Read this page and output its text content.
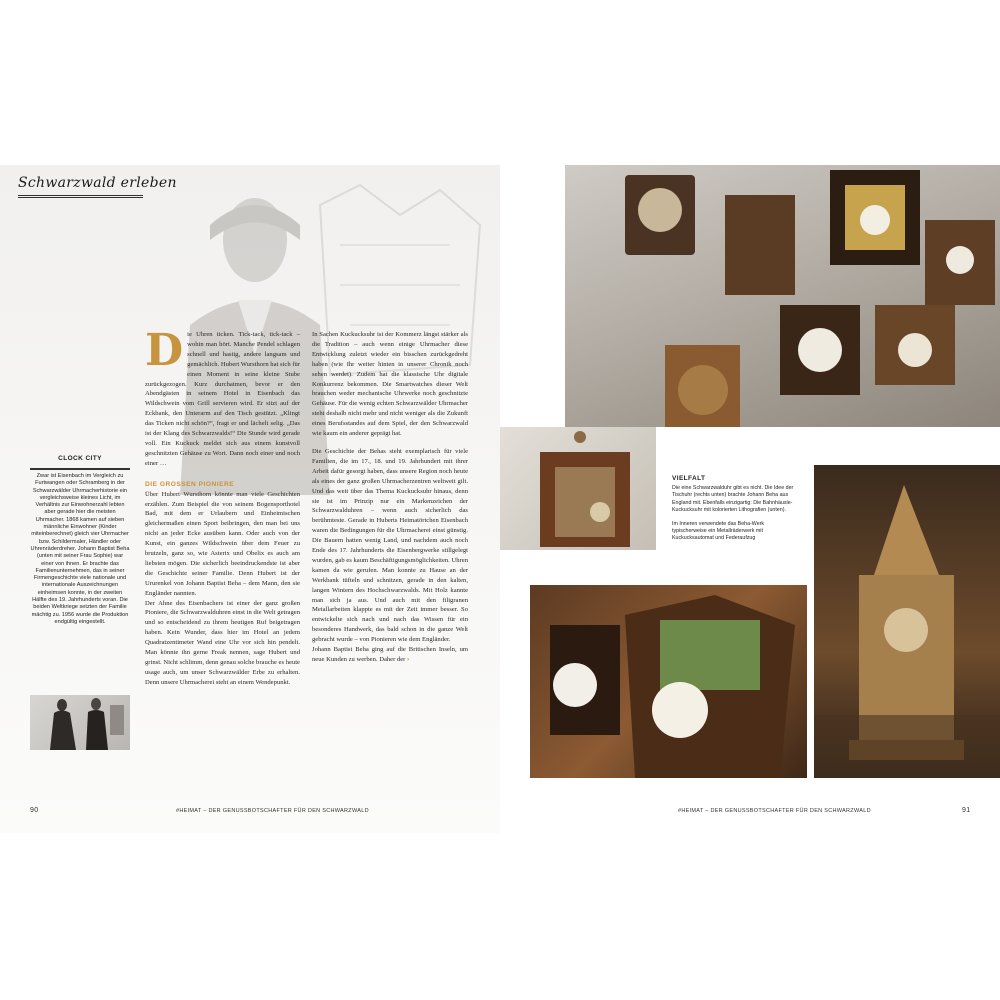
Schwarzwald erleben
CLOCK CITY
Zwar ist Eisenbach im Vergleich zu Furtwangen oder Schramberg in der Schwarzwälder Uhrmacherhistorie ein vergleichsweise kleines Licht, im Verhältnis zur Einwohnerzahl lebten aber gerade hier die meisten Uhrmacher. 1868 kamen auf sieben männliche Einwohner (Kinder miteinberechnet) gleich vier Uhrmacher bzw. Schildermaler, Händler oder Uhrenräderdreher. Johann Baptist Beha (unten mit seiner Frau Sophie) war einer von ihnen. Er brachte das Familienunternehmen, das in seiner Firmengeschichte viele nationale und internationale Auszeichnungen einheimsen konnte, in der zweiten Hälfte des 19. Jahrhunderts voran. Die beiden Weltkriege setzten der Familie mächtig zu. 1956 wurde die Produktion endgültig eingestellt.
D ie Uhren ticken. Tick-tack, tick-tack – wohin man hört. Manche Pendel schlagen schnell und hastig, andere langsam und gemächlich. Hubert Wursthorn hat sich für einen Moment in seine kleine Stube zurückgezogen. Kurz durchatmen, bevor er den Abendgästen in seinem Hotel in Eisenbach das Wildschwein vom Grill servieren wird. Er sitzt auf der Eckbank, den Unterarm auf den Tisch gestützt. „Klingt das Ticken nicht schön?“, fragt er und lächelt selig. „Das ist der Klang des Schwarzwalds!“ Die Stunde wird gerade voll. Ein Kuckuck meldet sich aus einem kunstvoll geschnitzten Gehäuse zu Wort. Dann noch einer und noch einer …

DIE GROSSEN PIONIERE

Über Hubert Wursthorn könnte man viele Geschichten erzählen. Zum Beispiel die von seinem Bogensporthotel Bad, mit dem er Urlaubern und Einheimischen gleichermaßen einen Sport beibringen, den man bei uns nicht an jeder Ecke ausüben kann. Oder auch von der Kunst, ein ganzes Wildschwein über dem Feuer zu brutzeln, ganz so, wie Asterix und Obelix es auch am liebsten mögen. Die sicherlich beeindruckendste ist aber die Geschichte seiner Familie. Denn Hubert ist der Ururenkel von Johann Baptist Beha – dem Mann, den sie Engländer nannten.

Der Ahne des Eisenbachers ist einer der ganz großen Pioniere, die Schwarzwalduhren einst in die Welt getragen und so entscheidend zu ihrem heutigen Ruf beigetragen haben. Kein Wunder, dass hier im Hotel an jedem Quadratzentimeter Wand eine Uhr vor sich hin pendelt. Man könnte ihn gerne Freak nennen, sage Hubert und grinst. Nicht schlimm, denn genau solche brauche es heute usage auch, um unser Schwarzwälder Erbe zu erhalten. Denn unsere Uhrmacherei steht an einem Wendepunkt.

In Sachen Kuckucksuhr ist der Kommerz längst stärker als die Tradition – auch wenn einige Uhrmacher diese Entwicklung zuletzt wieder ein bisschen zurückgedreht haben (wie Ihr weiter hinten in unserer Chronik noch sehen werdet). Zudem hat die klassische Uhr digitale Konkurrenz bekommen. Die Smartwatches dieser Welt brauchen weder mechanische Uhrwerke noch geschnitzte Gehäuse. Für die wenig echten Schwarzwälder Uhrmacher steht deshalb nicht mehr und nicht weniger als die Zukunft eines Berufsstandes auf dem Spiel, der den Schwarzwald wie kaum ein anderer geprägt hat.

Die Geschichte der Behas steht exemplarisch für viele Familien, die im 17., 18. und 19. Jahrhundert mit ihrer Arbeit dafür gesorgt haben, dass unsere Region noch heute als eines der ganz großen Uhrmacherzentren weltweit gilt. Und das weit über das Thema Kuckucksuhr hinaus, denn sie ist im Prinzip nur ein Markenzeichen der Schwarzwalduhren – wenn auch sicherlich das berühmteste. Gerade in Huberts Heimatörtchen Eisenbach waren die Bedingungen für die Uhrmacherei einst günstig. Die Bauern hatten wenig Land, und nachdem auch noch Ende des 17. Jahrhunderts die Eisenbergwerke stillgelegt wurden, gab es kaum Beschäftigungsmöglichkeiten. Uhren kamen da wie gerufen. Man konnte zu Hause an der Werkbank tüfteln und schnitzen, gerade in den kalten, langen Wintern des Hochschwarzwalds. Mit Holz kannte man sich ja aus. Und auch mit den filigranen Metallarbeiten klappte es mit der Zeit immer besser. So entwickelte sich nach und nach das Wissen für ein besonderes Handwerk, das bald schon in die ganze Welt gebracht wurde – von Pionieren wie dem Engländer.

Johann Baptist Beha ging auf die Britischen Inseln, um neue Kunden zu werben. Daher der ›

VIELFALT

Die eine Schwarzwalduhr gibt es nicht. Die Idee der Tischuhr (rechts unten) brachte Johann Beha aus England mit. Ebenfalls einzigartig: Die Bahnhäusle-Kuckucksuhr mit kolorierten Lithografien (unten).

Im Inneren verwendete das Beha-Werk typischerweise ein Metallräderwerk mit Kuckucksautomat und Federaufzug

90	#HEIMAT – DER GENUSSBOTSCHAFTER FÜR DEN SCHWARZWALD	#HEIMAT – DER GENUSSBOTSCHAFTER FÜR DEN SCHWARZWALD	91
